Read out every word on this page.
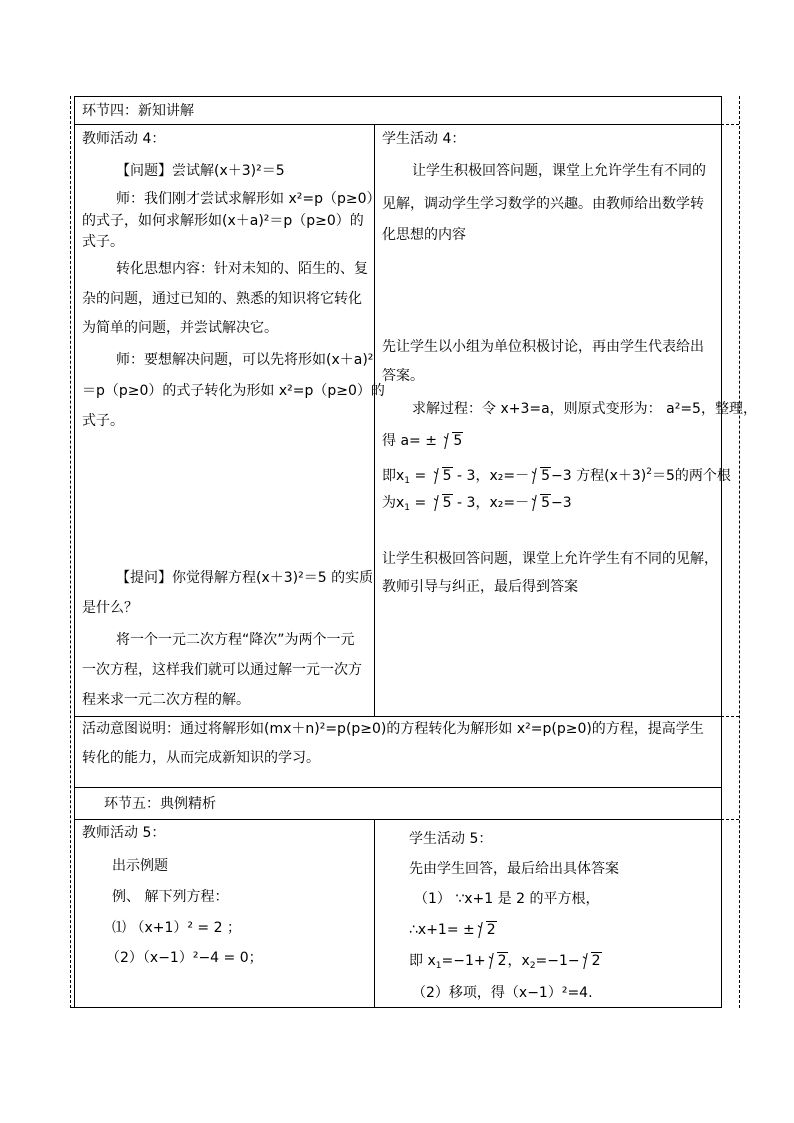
环节四：新知讲解
教师活动 4：	学生活动 4：
【问题】尝试解(x＋3)²＝5
师：我们刚才尝试求解形如 x²=p（p≥0）
的式子，如何求解形如(x＋a)²＝p（p≥0）的
式子。
转化思想内容：针对未知的、陌生的、复
杂的问题，通过已知的、熟悉的知识将它转化
为简单的问题，并尝试解决它。
师：要想解决问题，可以先将形如(x＋a)²
＝p（p≥0）的式子转化为形如 x²=p（p≥0）的
式子。
【提问】你觉得解方程(x＋3)²＝5 的实质
是什么？
将一个一元二次方程“降次”为两个一元
一次方程，这样我们就可以通过解一元一次方
程来求一元二次方程的解。
让学生积极回答问题，课堂上允许学生有不同的
见解，调动学生学习数学的兴趣。由教师给出数学转
化思想的内容
先让学生以小组为单位积极讨论，再由学生代表给出
答案。
求解过程：令 x+3=a，则原式变形为： a²=5，整理，
得 a= ± 5
即$x_1$ =
5 - 3，x₂=－ 5−3 方程$(x+3)^2=5$的两个根
为$x_1$ =
5 - 3，x₂=－ 5−3
让学生积极回答问题，课堂上允许学生有不同的见解，
教师引导与纠正，最后得到答案
活动意图说明：通过将解形如(mx＋n)²=p(p≥0)的方程转化为解形如 x²=p(p≥0)的方程，提高学生
转化的能力，从而完成新知识的学习。
环节五：典例精析
教师活动 5：	学生活动 5：
出示例题
例、 解下列方程：
⑴ （x+1）² = 2 ；
（2）（x−1）²−4 = 0；
先由学生回答，最后给出具体答案
（1） ∵x+1 是 2 的平方根，
∴x+1= ± 2
即 $x_1=-1+ 2$，$x_2=-1- 2$
（2）移项，得（x−1）²=4.
